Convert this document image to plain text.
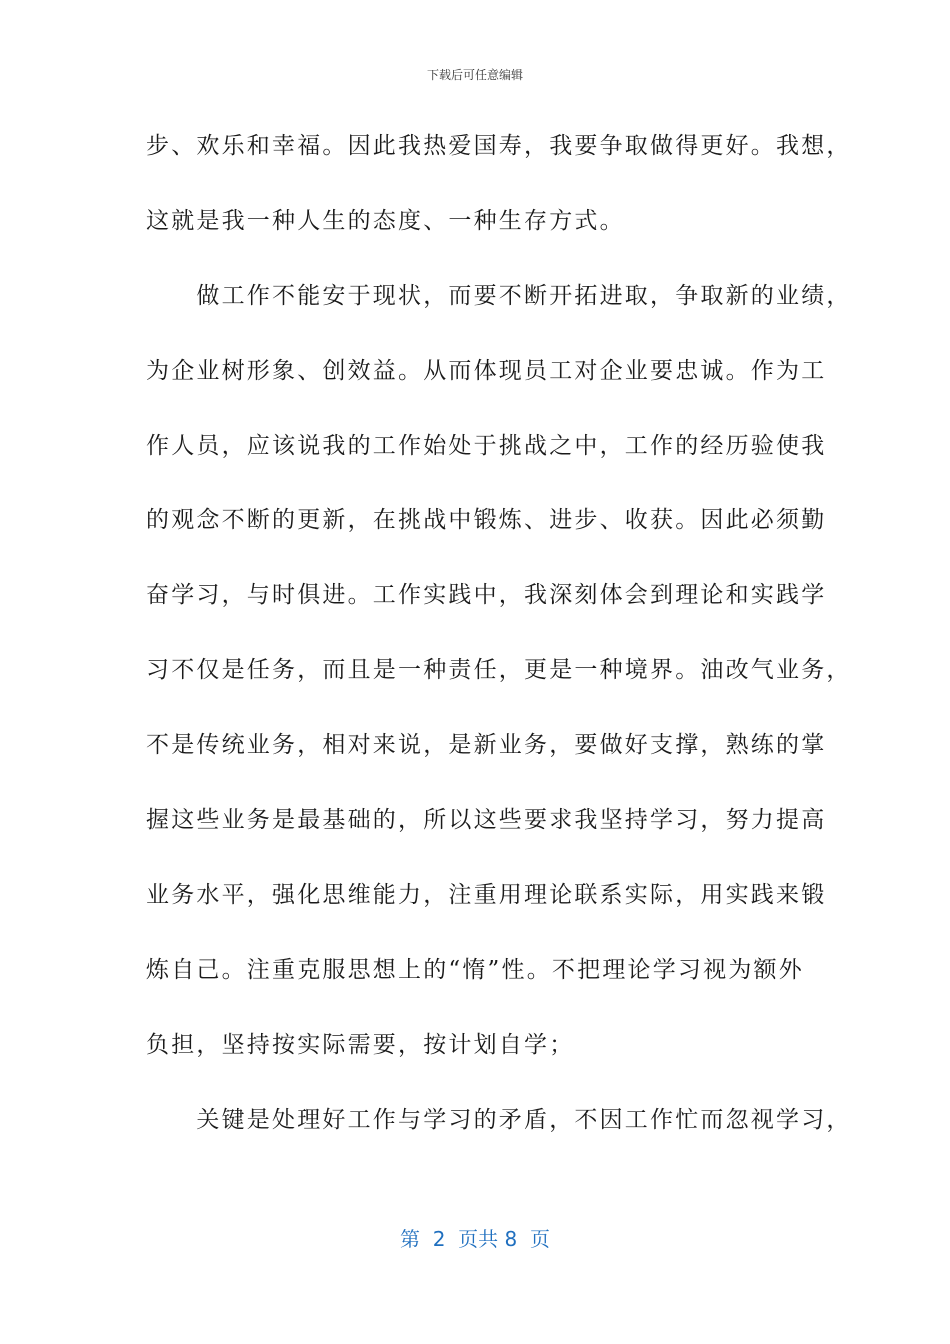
下载后可任意编辑
步、欢乐和幸福。因此我热爱国寿，我要争取做得更好。我想，
这就是我一种人生的态度、一种生存方式。
　　做工作不能安于现状，而要不断开拓进取，争取新的业绩，
为企业树形象、创效益。从而体现员工对企业要忠诚。作为工
作人员，应该说我的工作始处于挑战之中，工作的经历验使我
的观念不断的更新，在挑战中锻炼、进步、收获。因此必须勤
奋学习，与时俱进。工作实践中，我深刻体会到理论和实践学
习不仅是任务，而且是一种责任，更是一种境界。油改气业务，
不是传统业务，相对来说，是新业务，要做好支撑，熟练的掌
握这些业务是最基础的，所以这些要求我坚持学习，努力提高
业务水平，强化思维能力，注重用理论联系实际，用实践来锻
炼自己。注重克服思想上的“惰”性。不把理论学习视为额外
负担，坚持按实际需要，按计划自学；
　　关键是处理好工作与学习的矛盾，不因工作忙而忽视学习，
第  2  页共 8  页
